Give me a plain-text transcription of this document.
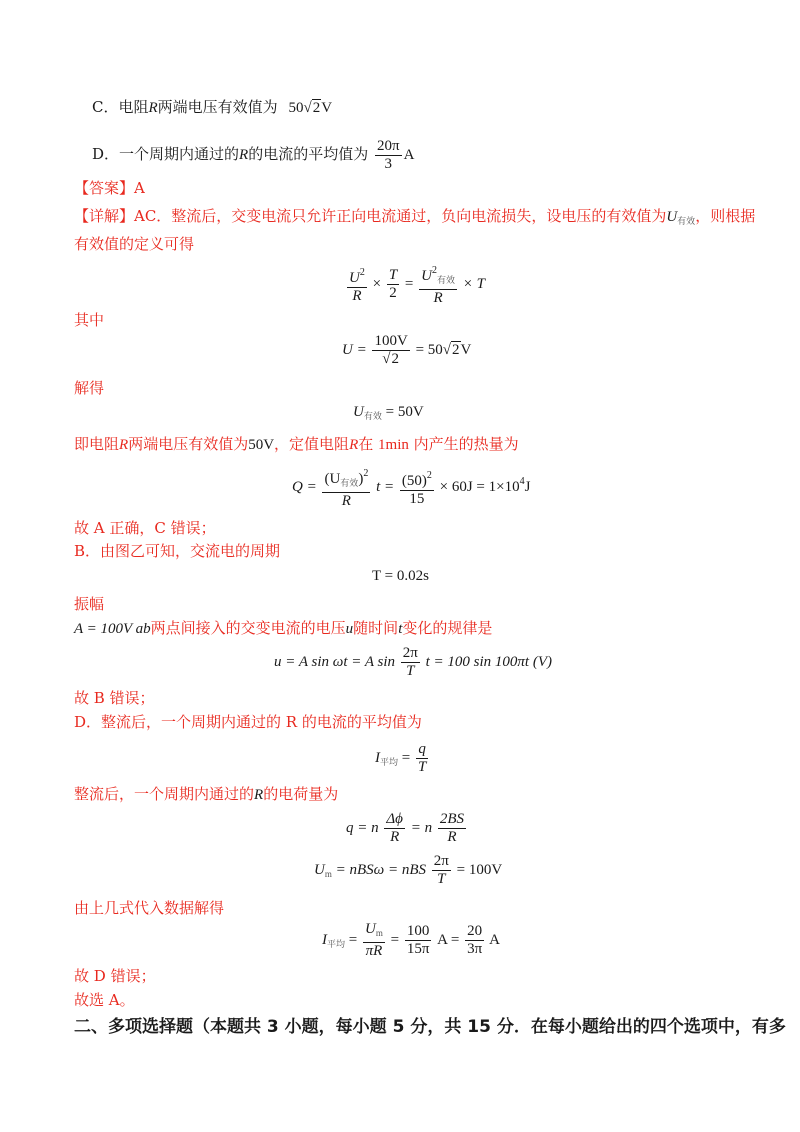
C．电阻R两端电压有效值为 50√2V
D．一个周期内通过的R的电流的平均值为 $\frac{20\pi}{3}$ A
【答案】A
【详解】AC．整流后，交变电流只允许正向电流通过，负向电流损失，设电压的有效值为$U_{有效}$，则根据
有效值的定义可得
$\frac{U^2}{R} \times \frac{T}{2} = \frac{U^2_{有效}}{R} \times T$
其中
$U = \frac{100V}{√2} = 50√2V$
解得
$U_{有效} = 50V$
即电阻R两端电压有效值为50V，定值电阻R在 1min 内产生的热量为
$Q = \frac{(U_{有效})^2}{R}$ $t = \frac{(50)^2}{15} \times 60J = 1\times 10^4J$
故 A 正确，C 错误；
B．由图乙可知，交流电的周期
T = 0.02s
振幅
A = 100V ab两点间接入的交变电流的电压u随时间t变化的规律是
u = A sin ωt = A $\sin \frac{2\pi}{T}$ t = 100 sin 100πt (V)
故 B 错误；
D．整流后，一个周期内通过的 R 的电流的平均值为
$I_{平均} = \frac{q}{T}$
整流后，一个周期内通过的R的电荷量为
q = n $\frac{\Delta\phi}{R} = n \frac{2BS}{R}$
$U_m = nBS\omega$ = nBS $\frac{2\pi}{T} = 100V$
由上几式代入数据解得
$I_{平均} = \frac{U_m}{\pi R} = \frac{100}{15\pi}$ $A = \frac{20}{3\pi}$ A
故 D 错误；
故选 A。
二、多项选择题（本题共 3 小题，每小题 5 分，共 15 分．在每小题给出的四个选项中，有多
